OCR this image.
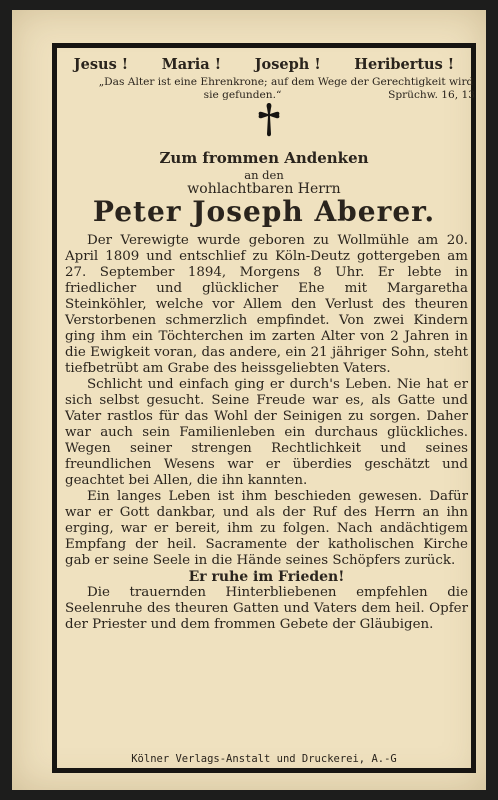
Jesus ! Maria ! Joseph ! Heribertus !
„Das Alter ist eine Ehrenkrone; auf dem Wege der Gerechtigkeit wird sie gefunden.“	Sprüchw. 16, 13
Zum frommen Andenken
an den
wohlachtbaren Herrn
Peter Joseph Aberer.

Der Verewigte wurde geboren zu Wollmühle am 20. April 1809 und entschlief zu Köln-Deutz gottergeben am 27. September 1894, Morgens 8 Uhr. Er lebte in friedlicher und glücklicher Ehe mit Margaretha Steinköhler, welche vor Allem den Verlust des theuren Verstorbenen schmerzlich empfindet. Von zwei Kindern ging ihm ein Töchterchen im zarten Alter von 2 Jahren in die Ewigkeit voran, das andere, ein 21 jähriger Sohn, steht tiefbetrübt am Grabe des heissgeliebten Vaters.

Schlicht und einfach ging er durch's Leben. Nie hat er sich selbst gesucht. Seine Freude war es, als Gatte und Vater rastlos für das Wohl der Seinigen zu sorgen. Daher war auch sein Familienleben ein durchaus glückliches. Wegen seiner strengen Rechtlichkeit und seines freundlichen Wesens war er überdies geschätzt und geachtet bei Allen, die ihn kannten.

Ein langes Leben ist ihm beschieden gewesen. Dafür war er Gott dankbar, und als der Ruf des Herrn an ihn erging, war er bereit, ihm zu folgen. Nach andächtigem Empfang der heil. Sacramente der katholischen Kirche gab er seine Seele in die Hände seines Schöpfers zurück.

Er ruhe im Frieden!

Die trauernden Hinterbliebenen empfehlen die Seelenruhe des theuren Gatten und Vaters dem heil. Opfer der Priester und dem frommen Gebete der Gläubigen.

Kölner Verlags-Anstalt und Druckerei, A.-G
